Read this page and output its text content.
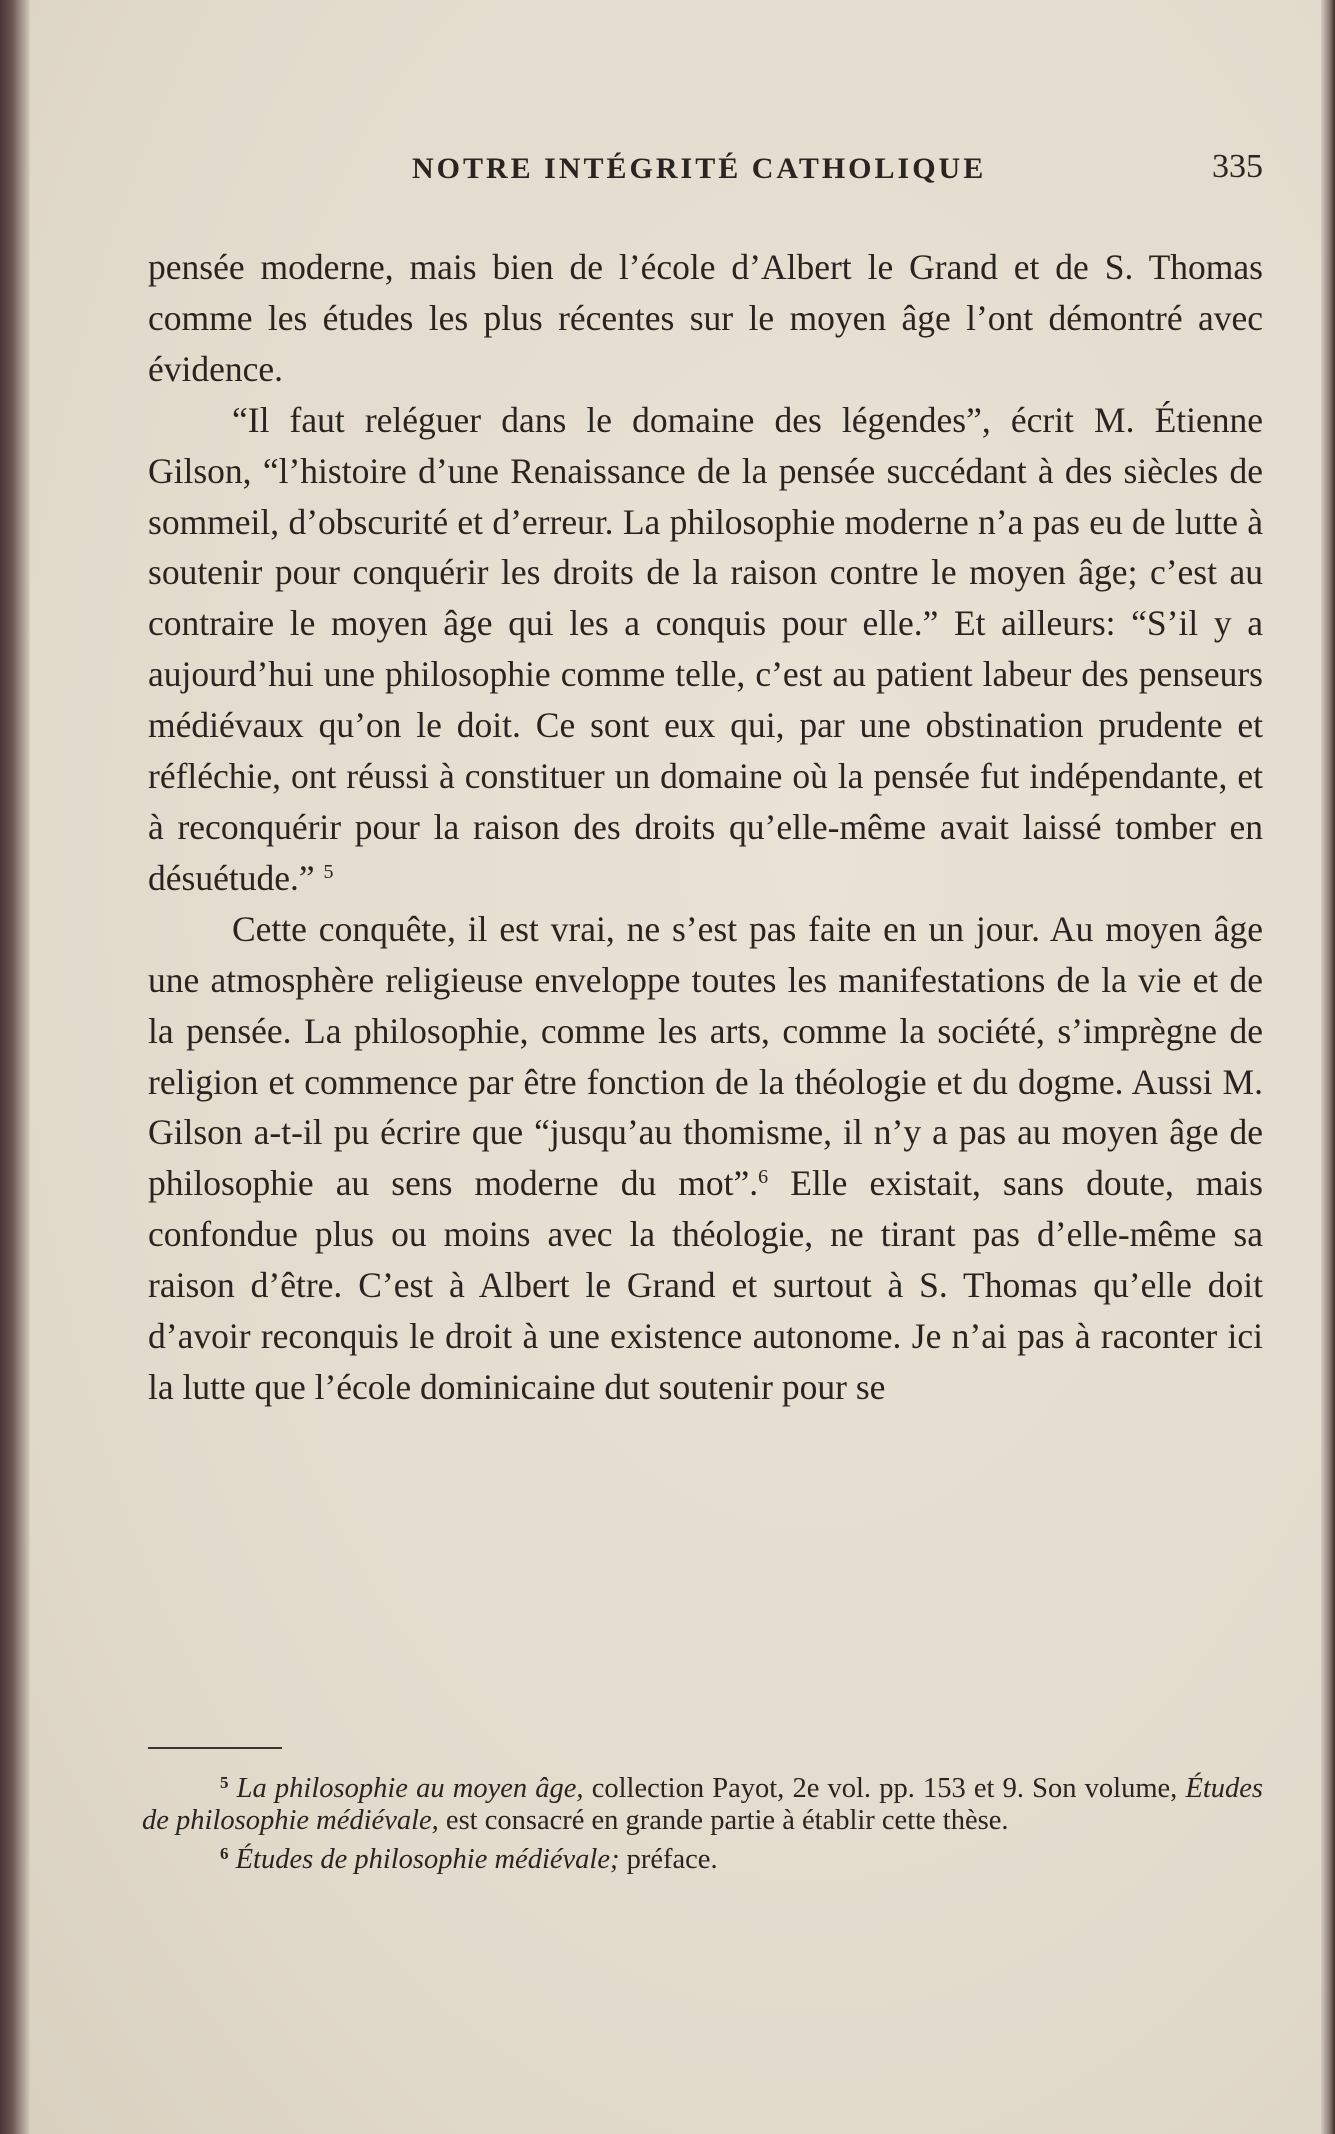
NOTRE INTÉGRITÉ CATHOLIQUE	335

pensée moderne, mais bien de l’école d’Albert le Grand et de S. Thomas comme les études les plus récentes sur le moyen âge l’ont démontré avec évidence.

“Il faut reléguer dans le domaine des légendes”, écrit M. Étienne Gilson, “l’histoire d’une Renaissance de la pensée succédant à des siècles de sommeil, d’obscurité et d’erreur. La philosophie moderne n’a pas eu de lutte à soutenir pour conquérir les droits de la raison contre le moyen âge; c’est au contraire le moyen âge qui les a conquis pour elle.” Et ailleurs: “S’il y a aujourd’hui une philosophie comme telle, c’est au patient labeur des penseurs médiévaux qu’on le doit. Ce sont eux qui, par une obstination prudente et réfléchie, ont réussi à constituer un domaine où la pensée fut indépendante, et à reconquérir pour la raison des droits qu’elle-même avait laissé tomber en désuétude.” $^5$

Cette conquête, il est vrai, ne s’est pas faite en un jour. Au moyen âge une atmosphère religieuse enveloppe toutes les manifestations de la vie et de la pensée. La philosophie, comme les arts, comme la société, s’imprègne de religion et commence par être fonction de la théologie et du dogme. Aussi M. Gilson a-t-il pu écrire que “jusqu’au thomisme, il n’y a pas au moyen âge de philosophie au sens moderne du mot”.$^6$ Elle existait, sans doute, mais confondue plus ou moins avec la théologie, ne tirant pas d’elle-même sa raison d’être. C’est à Albert le Grand et surtout à S. Thomas qu’elle doit d’avoir reconquis le droit à une existence autonome. Je n’ai pas à raconter ici la lutte que l’école dominicaine dut soutenir pour se

$^5$ La philosophie au moyen âge, collection Payot, 2e vol. pp. 153 et 9. Son volume, Études de philosophie médiévale, est consacré en grande partie à établir cette thèse.

$^6$ Études de philosophie médiévale; préface.
